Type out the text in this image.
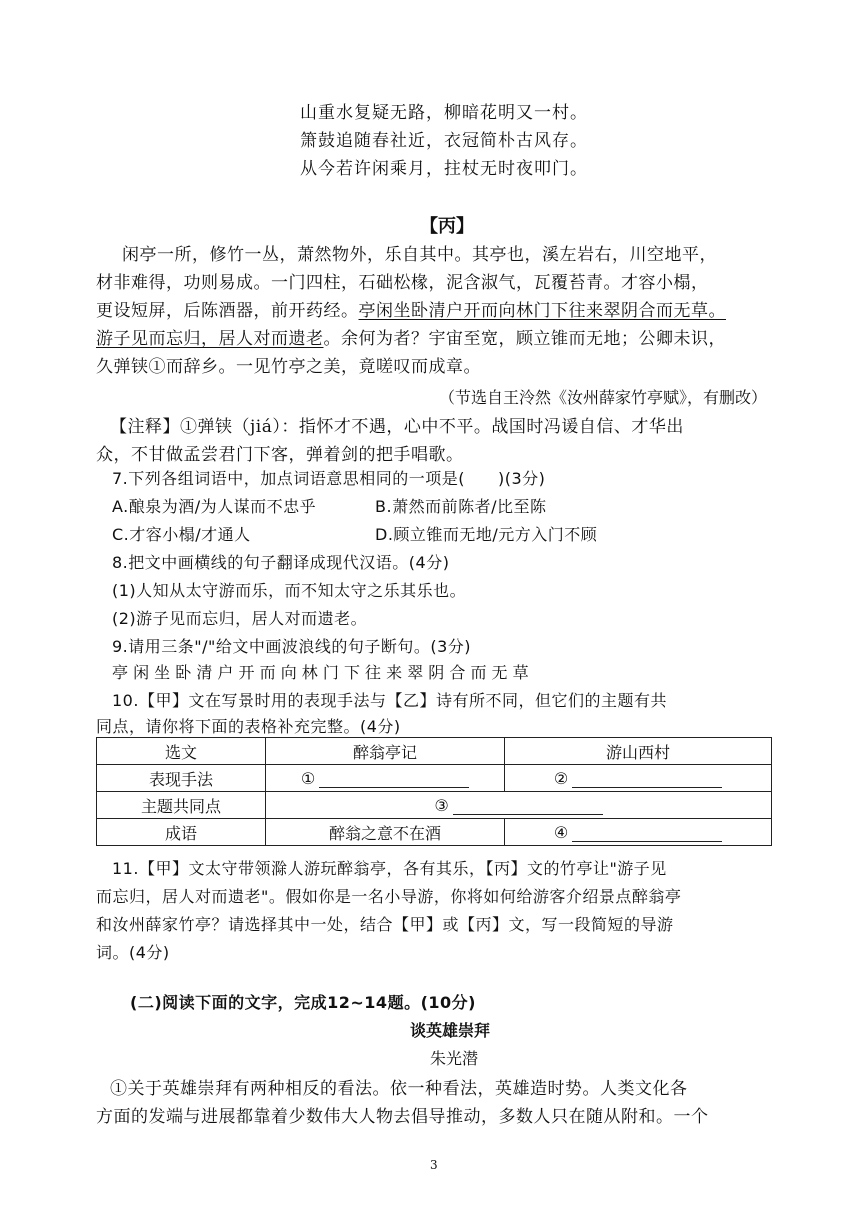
山重水复疑无路，柳暗花明又一村。
箫鼓追随春社近，衣冠简朴古风存。
从今若许闲乘月，拄杖无时夜叩门。
【丙】
闲亭一所，修竹一丛，萧然物外，乐自其中。其亭也，溪左岩右，川空地平，
材非难得，功则易成。一门四柱，石础松椽，泥含淑气，瓦覆苔青。才容小榻，
更设短屏，后陈酒器，前开药经。亭闲坐卧清户开而向林门下往来翠阴合而无草。
游子见而忘归，居人对而遗老。余何为者？宇宙至宽，顾立锥而无地；公卿未识，
久弹铗①而辞乡。一见竹亭之美，竟嗟叹而成章。
（节选自王泠然《汝州薛家竹亭赋》，有删改）
【注释】①弹铗（jiá）：指怀才不遇，心中不平。战国时冯谖自信、才华出
众，不甘做孟尝君门下客，弹着剑的把手唱歌。
7.下列各组词语中，加点词语意思相同的一项是(　　)(3分)
A.酿泉为酒/为人谋而不忠乎	B.萧然而前陈者/比至陈
C.才容小榻/才通人	D.顾立锥而无地/元方入门不顾
8.把文中画横线的句子翻译成现代汉语。(4分)
(1)人知从太守游而乐，而不知太守之乐其乐也。
(2)游子见而忘归，居人对而遗老。
9.请用三条"/"给文中画波浪线的句子断句。(3分)
亭 闲 坐 卧 清 户 开 而 向 林 门 下 往 来 翠 阴 合 而 无 草
10.【甲】文在写景时用的表现手法与【乙】诗有所不同，但它们的主题有共
同点，请你将下面的表格补充完整。(4分)
选文	醉翁亭记	游山西村
表现手法	①	②
主题共同点	③	
成语	醉翁之意不在酒	④
11.【甲】文太守带领滁人游玩醉翁亭，各有其乐，【丙】文的竹亭让"游子见
而忘归，居人对而遗老"。假如你是一名小导游，你将如何给游客介绍景点醉翁亭
和汝州薛家竹亭？请选择其中一处，结合【甲】或【丙】文，写一段简短的导游
词。(4分)
(二)阅读下面的文字，完成12~14题。(10分)
谈英雄崇拜
朱光潜
①关于英雄崇拜有两种相反的看法。依一种看法，英雄造时势。人类文化各
方面的发端与进展都靠着少数伟大人物去倡导推动，多数人只在随从附和。一个
3
